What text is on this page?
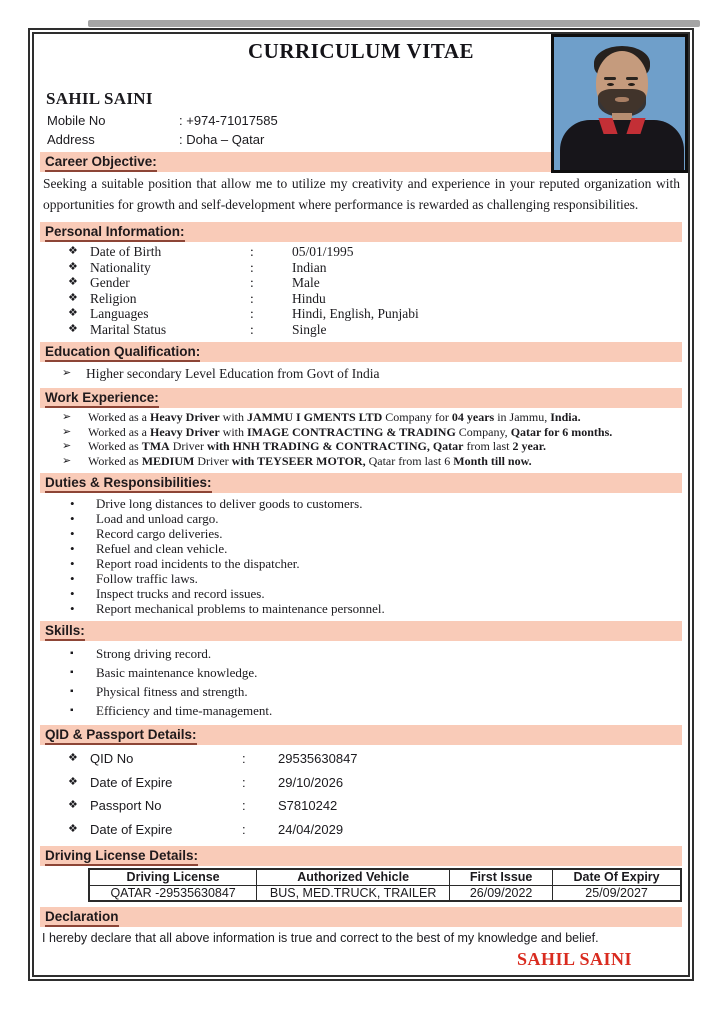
CURRICULUM VITAE
SAHIL SAINI
Mobile No	: +974-71017585
Address	: Doha – Qatar
Career Objective:

Seeking a suitable position that allow me to utilize my creativity and experience in your reputed organization with opportunities for growth and self-development where performance is rewarded as challenging responsibilities.

Personal Information:
❖ Date of Birth	:	05/01/1995
❖ Nationality	:	Indian
❖ Gender	:	Male
❖ Religion	:	Hindu
❖ Languages	:	Hindi, English, Punjabi
❖ Marital Status	:	Single
Education Qualification:
➢	Higher secondary Level Education from Govt of India
Work Experience:
➢	Worked as a Heavy Driver with JAMMU I GMENTS LTD Company for 04 years in Jammu, India.
➢	Worked as a Heavy Driver with IMAGE CONTRACTING & TRADING Company, Qatar for 6 months.
➢	Worked as TMA Driver with HNH TRADING & CONTRACTING, Qatar from last 2 year.
➢	Worked as MEDIUM Driver with TEYSEER MOTOR, Qatar from last 6 Month till now.
Duties & Responsibilities:
•	Drive long distances to deliver goods to customers.
•	Load and unload cargo.
•	Record cargo deliveries.
•	Refuel and clean vehicle.
•	Report road incidents to the dispatcher.
•	Follow traffic laws.
•	Inspect trucks and record issues.
•	Report mechanical problems to maintenance personnel.
Skills:
▪	Strong driving record.
▪	Basic maintenance knowledge.
▪	Physical fitness and strength.
▪	Efficiency and time-management.
QID & Passport Details:
❖ QID No	:	29535630847
❖ Date of Expire	:	29/10/2026
❖ Passport No	:	S7810242
❖ Date of Expire	:	24/04/2029
Driving License Details:
Driving License	Authorized Vehicle	First Issue	Date Of Expiry
QATAR -29535630847	BUS, MED.TRUCK, TRAILER	26/09/2022	25/09/2027
Declaration

I hereby declare that all above information is true and correct to the best of my knowledge and belief.

SAHIL SAINI
